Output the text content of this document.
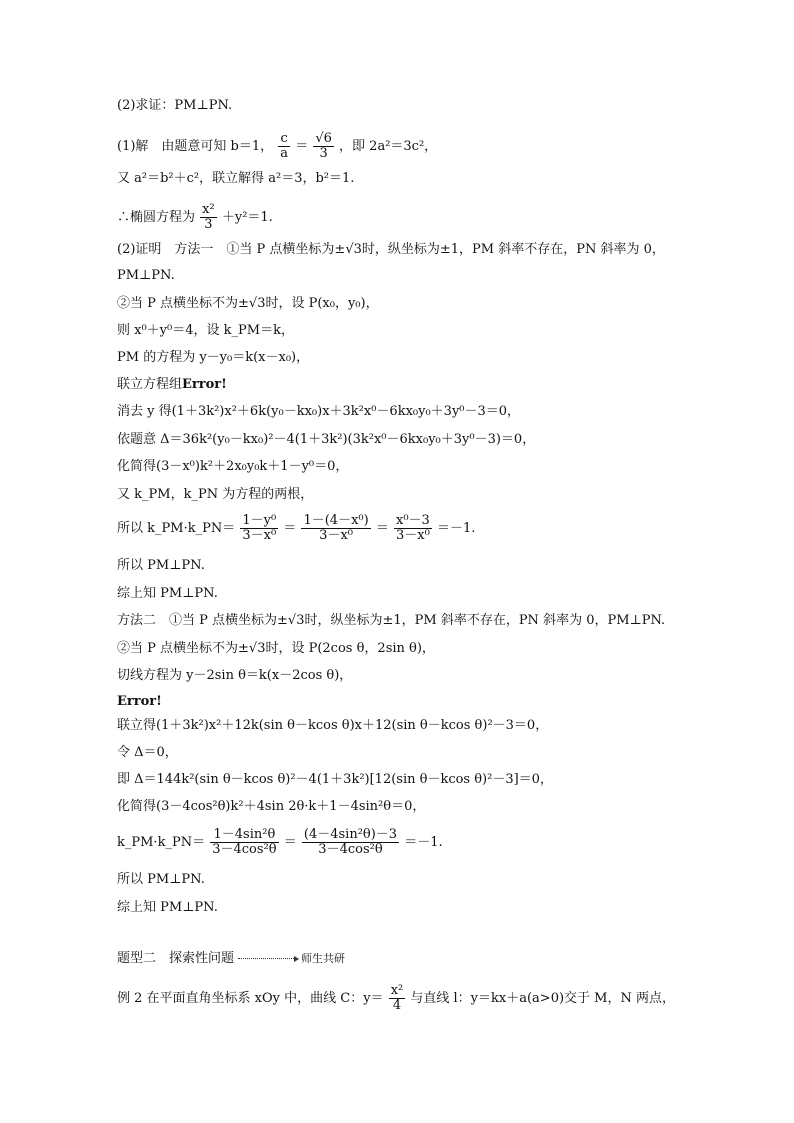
(2)求证：PM⊥PN.
(1)解　由题意可知 b＝1， $\frac{c}{a} = \frac{√6}{3}$ ，即 2a²＝3c²，
又 a²＝b²＋c²，联立解得 a²＝3，b²＝1.
∴椭圆方程为 $\frac{\text{x²}}{3} +y^2=1$.
(2)证明　方法一　①当 P 点横坐标为±√3时，纵坐标为±1，PM 斜率不存在，PN 斜率为 0，
PM⊥PN.
②当 P 点横坐标不为±√3时，设 P(x₀，y₀)，
则 x⁰＋y⁰＝4，设 k_PM＝k，
PM 的方程为 y－y₀＝k(x－x₀)，
联立方程组Error!
消去 y 得(1＋3k²)x²＋6k(y₀－kx₀)x＋3k²x⁰－6kx₀y₀＋3y⁰－3＝0，
依题意 Δ＝36k²(y₀－kx₀)²－4(1＋3k²)(3k²x⁰－6kx₀y₀＋3y⁰－3)＝0，
化简得(3－x⁰)k²＋2x₀y₀k＋1－y⁰＝0，
又 k_PM，k_PN 为方程的两根，
所以 k_PM·k_PN＝ $\frac{\text{1－y⁰}}{\text{3－x⁰}} = \frac{\text{1－(4－x⁰)}}{\text{3－x⁰}} = \frac{\text{x⁰－3}}{\text{3－x⁰}} =-1$.
所以 PM⊥PN.
综上知 PM⊥PN.
方法二　①当 P 点横坐标为±√3时，纵坐标为±1，PM 斜率不存在，PN 斜率为 0，PM⊥PN.
②当 P 点横坐标不为±√3时，设 P(2cos θ，2sin θ)，
切线方程为 y－2sin θ＝k(x－2cos θ)，
Error!
联立得(1＋3k²)x²＋12k(sin θ－kcos θ)x＋12(sin θ－kcos θ)²－3＝0，
令 Δ＝0，
即 Δ＝144k²(sin θ－kcos θ)²－4(1＋3k²)[12(sin θ－kcos θ)²－3]＝0，
化简得(3－4cos²θ)k²＋4sin 2θ·k＋1－4sin²θ＝0，
k_PM·k_PN＝ $\frac{\text{1－4sin²θ}}{\text{3－4cos²θ}} = \frac{\text{(4－4sin²θ)－3}}{\text{3－4cos²θ}} =-1$.
所以 PM⊥PN.
综上知 PM⊥PN.
题型二　探索性问题	师生共研
例 2 在平面直角坐标系 xOy 中，曲线 C：$y= \frac{\text{x²}}{4}$ 与直线 l：y＝kx＋a(a>0)交于 M，N 两点，
